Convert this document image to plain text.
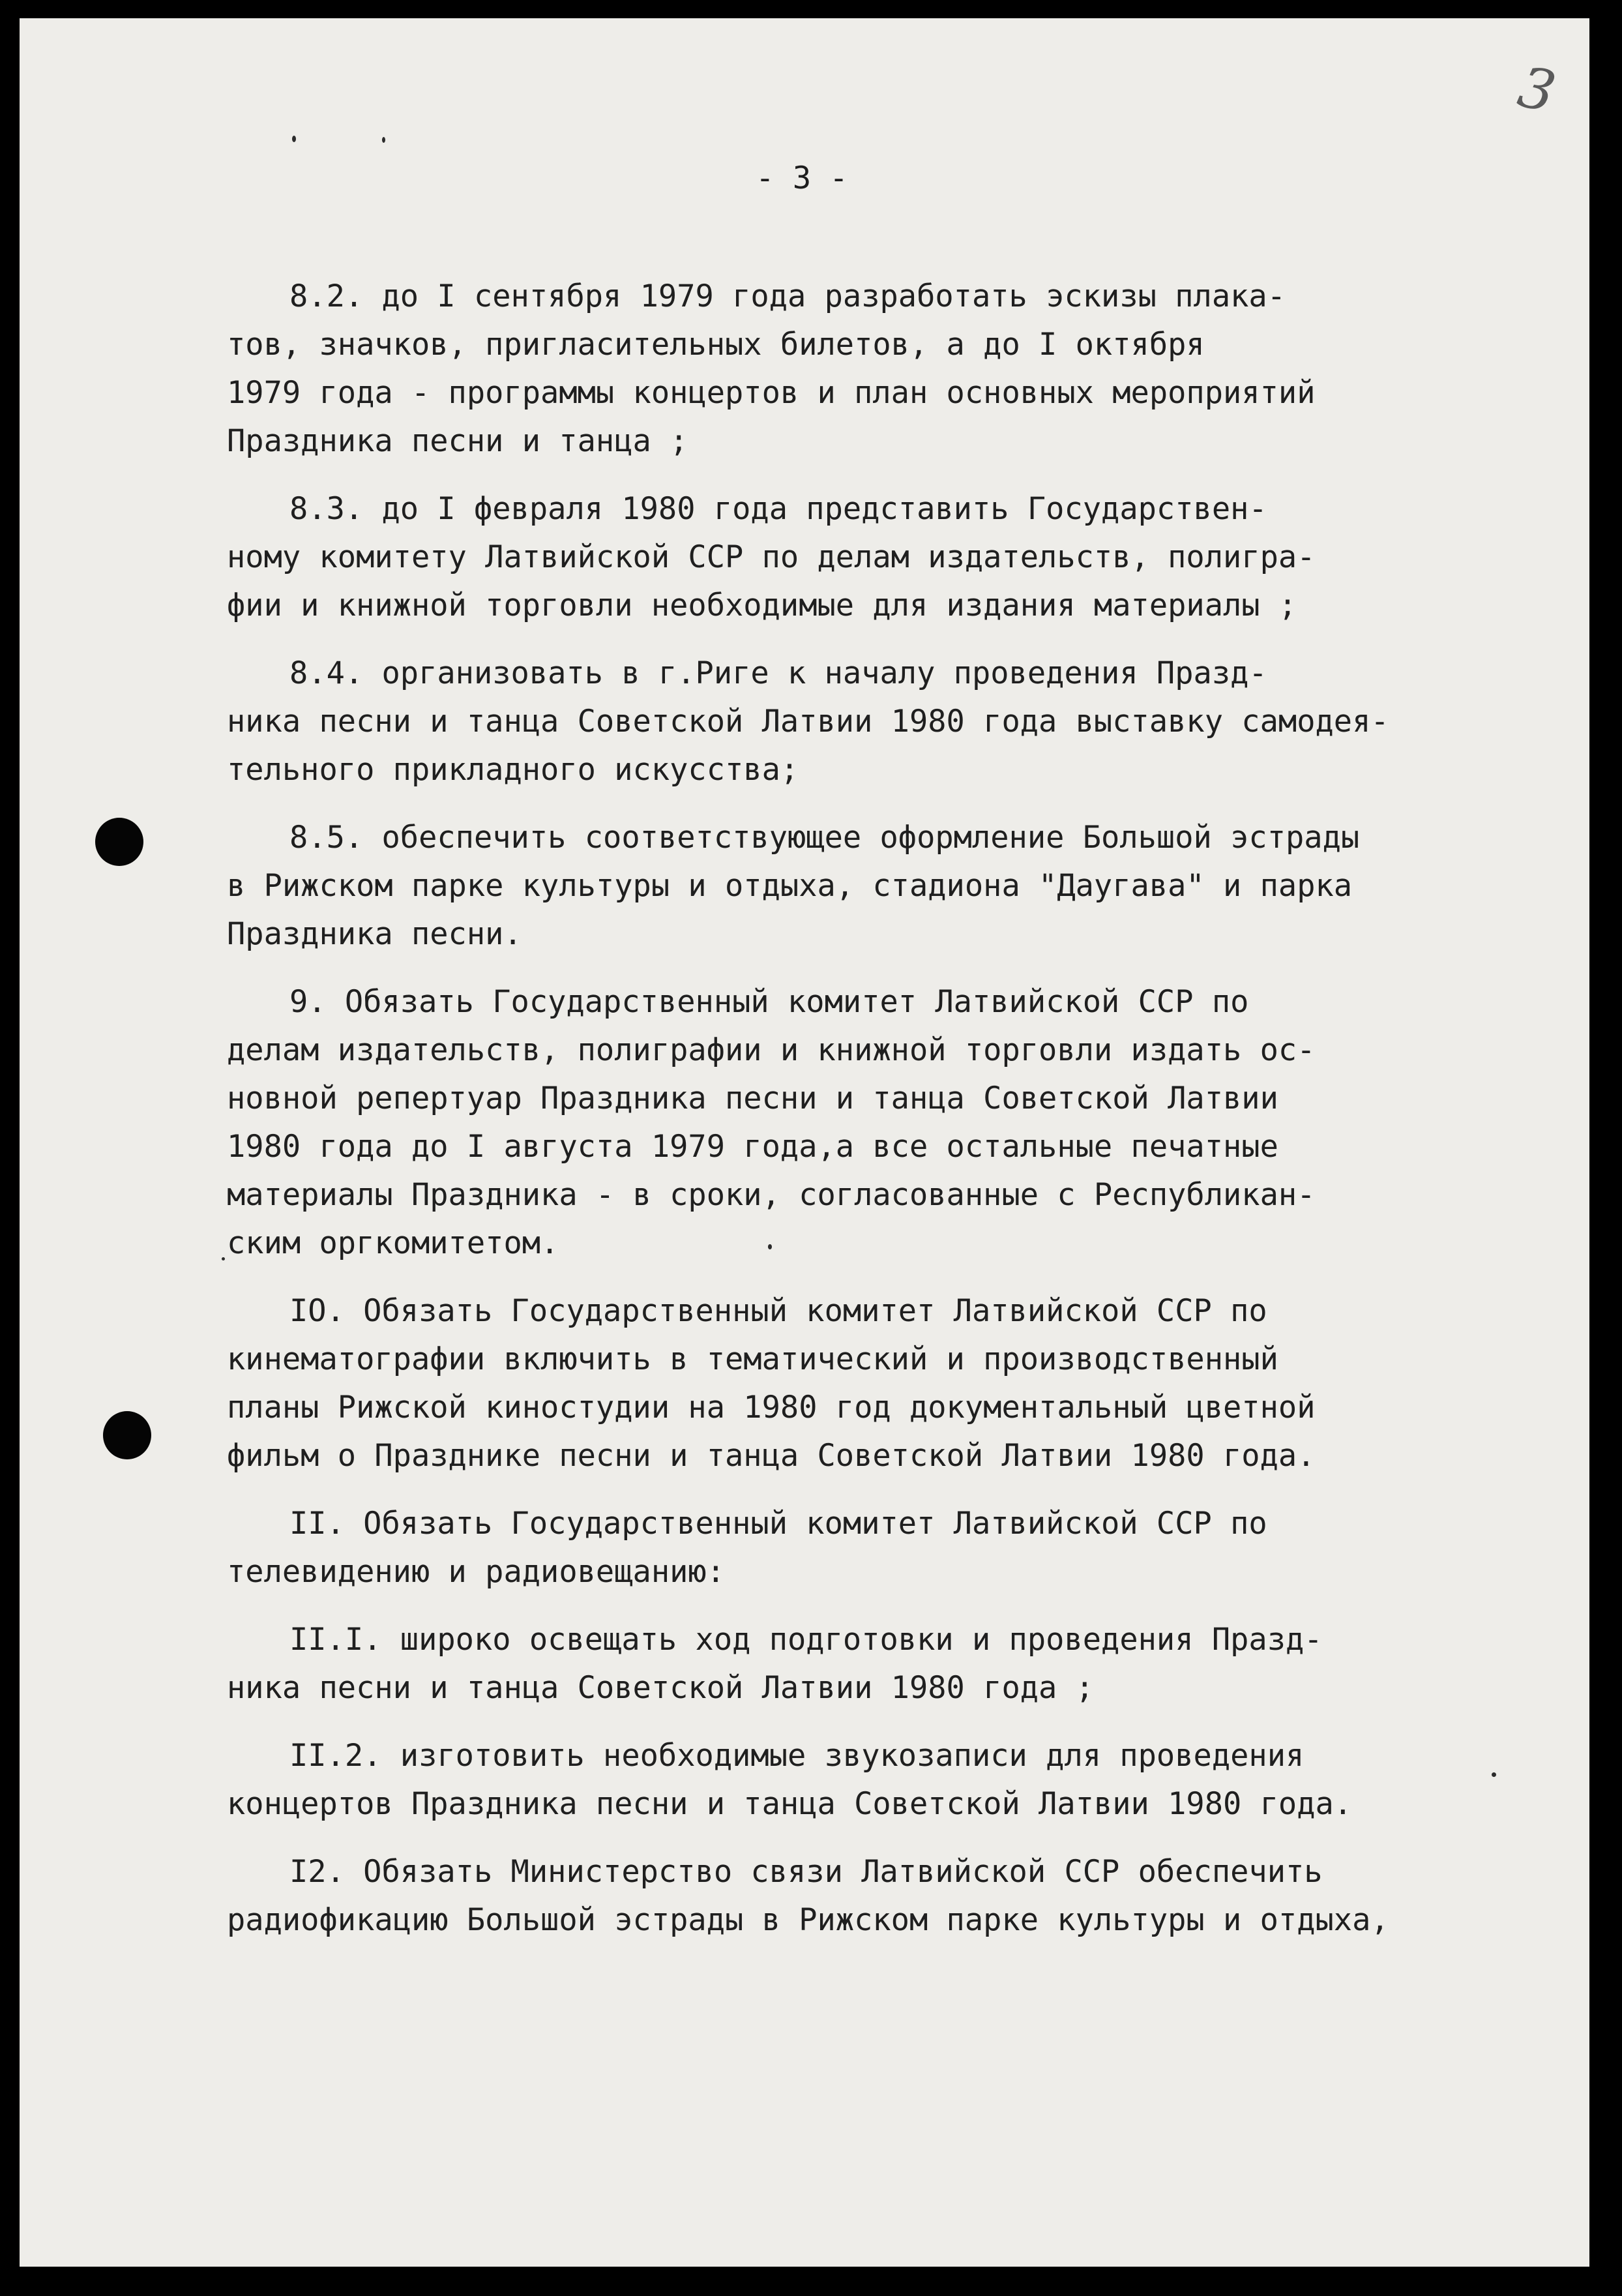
3
- 3 -
8.2. до I сентября 1979 года разработать эскизы плака-
тов, значков, пригласительных билетов, а до I октября
1979 года - программы концертов и план основных мероприятий
Праздника песни и танца ;
8.3. до I февраля 1980 года представить Государствен-
ному комитету Латвийской ССР по делам издательств, полигра-
фии и книжной торговли необходимые для издания материалы ;
8.4. организовать в г.Риге к началу проведения Празд-
ника песни и танца Советской Латвии 1980 года выставку самодея-
тельного прикладного искусства;
8.5. обеспечить соответствующее оформление Большой эстрады
в Рижском парке культуры и отдыха, стадиона "Даугава" и парка
Праздника песни.
9. Обязать Государственный комитет Латвийской ССР по
делам издательств, полиграфии и книжной торговли издать ос-
новной репертуар Праздника песни и танца Советской Латвии
1980 года до I августа 1979 года,а все остальные печатные
материалы Праздника - в сроки, согласованные с Республикан-
ским оргкомитетом.
IO. Обязать Государственный комитет Латвийской ССР по
кинематографии включить в тематический и производственный
планы Рижской киностудии на 1980 год документальный цветной
фильм о Празднике песни и танца Советской Латвии 1980 года.
II. Обязать Государственный комитет Латвийской ССР по
телевидению и радиовещанию:
II.I. широко освещать ход подготовки и проведения Празд-
ника песни и танца Советской Латвии 1980 года ;
II.2. изготовить необходимые звукозаписи для проведения
концертов Праздника песни и танца Советской Латвии 1980 года.
I2. Обязать Министерство связи Латвийской ССР обеспечить
радиофикацию Большой эстрады в Рижском парке культуры и отдыха,
